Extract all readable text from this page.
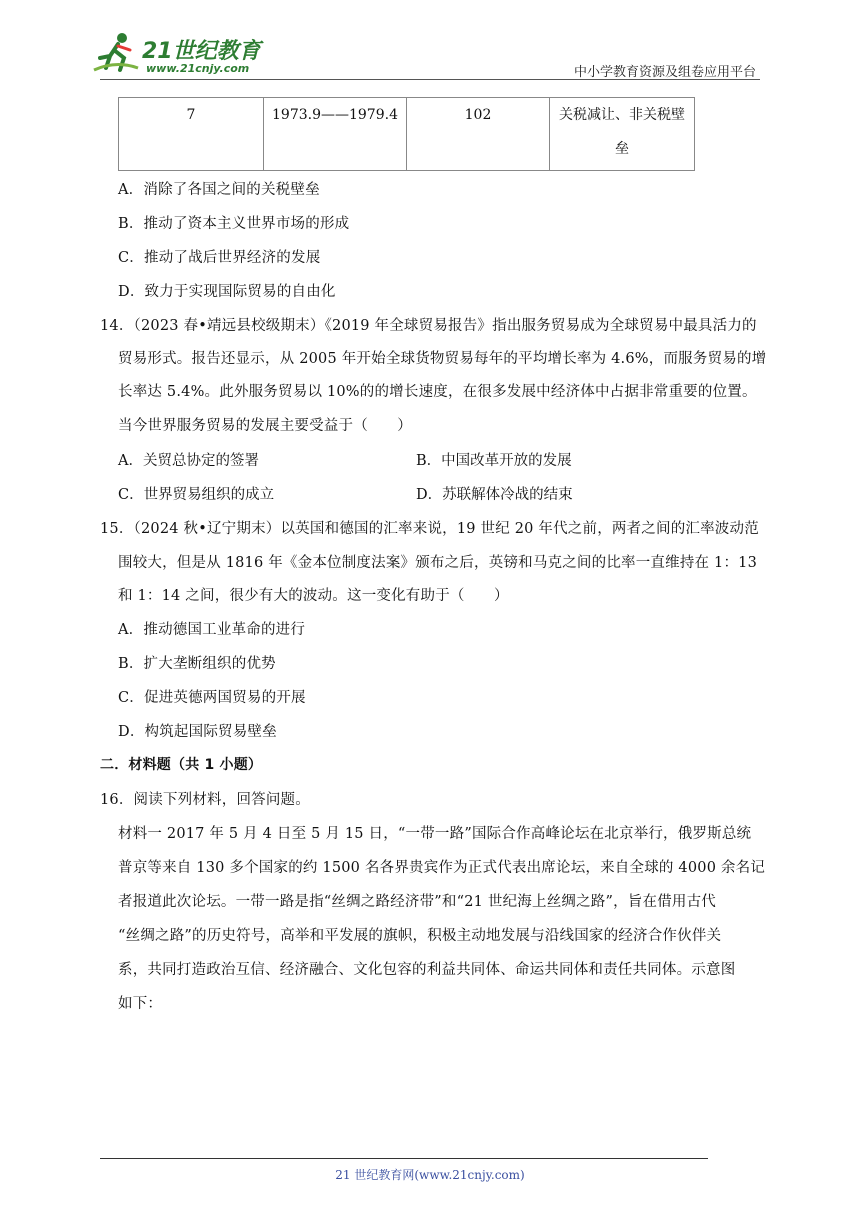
21世纪教育
www.21cnjy.com	中小学教育资源及组卷应用平台
7	1973.9——1979.4	102	关税减让、非关税壁
垒
A．消除了各国之间的关税壁垒
B．推动了资本主义世界市场的形成
C．推动了战后世界经济的发展
D．致力于实现国际贸易的自由化
14．（2023 春•靖远县校级期末）《2019 年全球贸易报告》指出服务贸易成为全球贸易中最具活力的
贸易形式。报告还显示，从 2005 年开始全球货物贸易每年的平均增长率为 4.6%，而服务贸易的增
长率达 5.4%。此外服务贸易以 10%的的增长速度，在很多发展中经济体中占据非常重要的位置。
当今世界服务贸易的发展主要受益于（　　）
A．关贸总协定的签署	B．中国改革开放的发展
C．世界贸易组织的成立	D．苏联解体冷战的结束
15．（2024 秋•辽宁期末）以英国和德国的汇率来说，19 世纪 20 年代之前，两者之间的汇率波动范
围较大，但是从 1816 年《金本位制度法案》颁布之后，英镑和马克之间的比率一直维持在 1：13
和 1：14 之间，很少有大的波动。这一变化有助于（　　）
A．推动德国工业革命的进行
B．扩大垄断组织的优势
C．促进英德两国贸易的开展
D．构筑起国际贸易壁垒
二．材料题（共 1 小题）
16．阅读下列材料，回答问题。
材料一 2017 年 5 月 4 日至 5 月 15 日，“一带一路”国际合作高峰论坛在北京举行，俄罗斯总统
普京等来自 130 多个国家的约 1500 名各界贵宾作为正式代表出席论坛，来自全球的 4000 余名记
者报道此次论坛。一带一路是指“丝绸之路经济带”和“21 世纪海上丝绸之路”，旨在借用古代
“丝绸之路”的历史符号，高举和平发展的旗帜，积极主动地发展与沿线国家的经济合作伙伴关
系，共同打造政治互信、经济融合、文化包容的利益共同体、命运共同体和责任共同体。示意图
如下：
21 世纪教育网(www.21cnjy.com)
